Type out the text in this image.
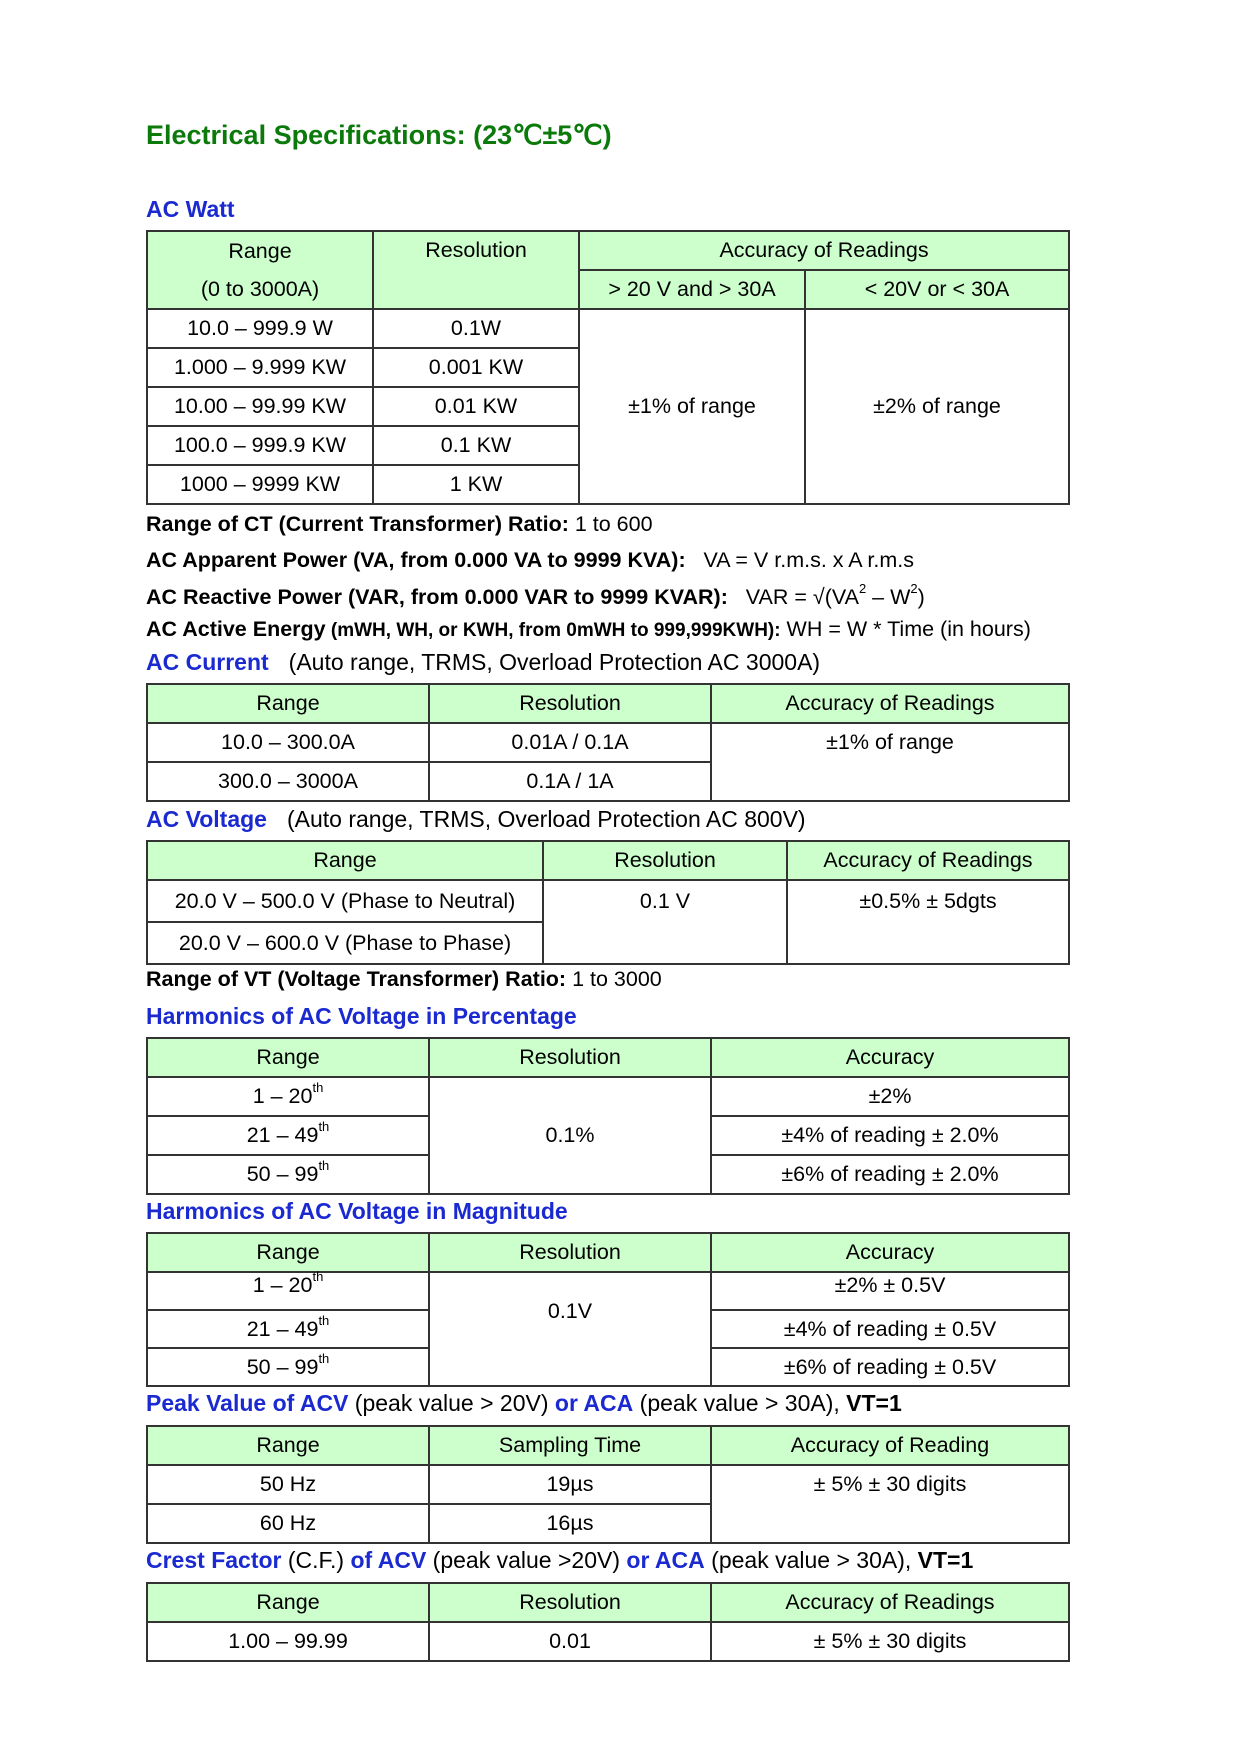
Electrical Specifications: (23℃±5℃)
AC Watt
Range	Resolution	Accuracy of Readings	
(0 to 3000A)		> 20 V and > 30A	< 20V or < 30A
10.0 – 999.9 W	0.1W	±1% of range	±2% of range
1.000 – 9.999 KW	0.001 KW		
10.00 – 99.99 KW	0.01 KW		
100.0 – 999.9 KW	0.1 KW		
1000 – 9999 KW	1 KW		
Range of CT (Current Transformer) Ratio: 1 to 600
AC Apparent Power (VA, from 0.000 VA to 9999 KVA): VA = V r.m.s. x A r.m.s
AC Reactive Power (VAR, from 0.000 VAR to 9999 KVAR): VAR = $√(VA^2 - W^2)$
AC Active Energy (mWH, WH, or KWH, from 0mWH to 999,999KWH): WH = W * Time (in hours)
AC Current (Auto range, TRMS, Overload Protection AC 3000A)
Range	Resolution	Accuracy of Readings
10.0 – 300.0A	0.01A / 0.1A	±1% of range
300.0 – 3000A	0.1A / 1A	
AC Voltage (Auto range, TRMS, Overload Protection AC 800V)
Range	Resolution	Accuracy of Readings
20.0 V – 500.0 V (Phase to Neutral)	0.1 V	±0.5% ± 5dgts
20.0 V – 600.0 V (Phase to Phase)		
Range of VT (Voltage Transformer) Ratio: 1 to 3000
Harmonics of AC Voltage in Percentage
Range	Resolution	Accuracy
1 – 20th	0.1%	±2%
21 – 49th		±4% of reading ± 2.0%
50 – 99th		±6% of reading ± 2.0%
Harmonics of AC Voltage in Magnitude
Range	Resolution	Accuracy
1 – 20th	0.1V	±2% ± 0.5V
21 – 49th		±4% of reading ± 0.5V
50 – 99th		±6% of reading ± 0.5V
Peak Value of ACV (peak value > 20V) or ACA (peak value > 30A), VT=1
Range	Sampling Time	Accuracy of Reading
50 Hz	19µs	± 5% ± 30 digits
60 Hz	16µs	
Crest Factor (C.F.) of ACV (peak value >20V) or ACA (peak value > 30A), VT=1
Range	Resolution	Accuracy of Readings
1.00 – 99.99	0.01	± 5% ± 30 digits
